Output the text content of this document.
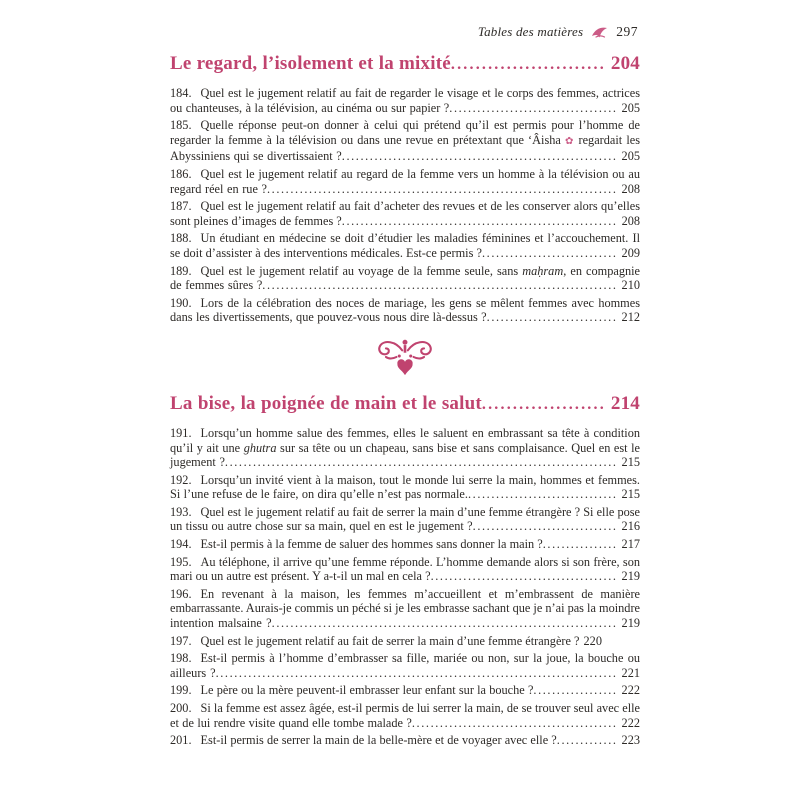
Tables des matières 297
Le regard, l’isolement et la mixité......................... 204

184. Quel est le jugement relatif au fait de regarder le visage et le corps des femmes, actrices ou chanteuses, à la télévision, au cinéma ou sur papier ?.................................... 205

185. Quelle réponse peut-on donner à celui qui prétend qu’il est permis pour l’homme de regarder la femme à la télévision ou dans une revue en prétextant que ‘Âisha ✿ regardait les Abyssiniens qui se divertissaient ?........................................................... 205

186. Quel est le jugement relatif au regard de la femme vers un homme à la télévision ou au regard réel en rue ?........................................................................... 208

187. Quel est le jugement relatif au fait d’acheter des revues et de les conserver alors qu’elles sont pleines d’images de femmes ?........................................................... 208

188. Un étudiant en médecine se doit d’étudier les maladies féminines et l’accouchement. Il se doit d’assister à des interventions médicales. Est-ce permis ?............................. 209

189. Quel est le jugement relatif au voyage de la femme seule, sans maḥram, en compagnie de femmes sûres ?............................................................................ 210

190. Lors de la célébration des noces de mariage, les gens se mêlent femmes avec hommes dans les divertissements, que pouvez-vous nous dire là-dessus ?............................ 212

La bise, la poignée de main et le salut.................... 214

191. Lorsqu’un homme salue des femmes, elles le saluent en embrassant sa tête à condition qu’il y ait une ghutra sur sa tête ou un chapeau, sans bise et sans complaisance. Quel en est le jugement ?.................................................................................... 215

192. Lorsqu’un invité vient à la maison, tout le monde lui serre la main, hommes et femmes. Si l’une refuse de le faire, on dira qu’elle n’est pas normale................................. 215

193. Quel est le jugement relatif au fait de serrer la main d’une femme étrangère ? Si elle pose un tissu ou autre chose sur sa main, quel en est le jugement ?............................... 216

194. Est-il permis à la femme de saluer des hommes sans donner la main ?................ 217

195. Au téléphone, il arrive qu’une femme réponde. L’homme demande alors si son frère, son mari ou un autre est présent. Y a-t-il un mal en cela ?........................................ 219

196. En revenant à la maison, les femmes m’accueillent et m’embrassent de manière embarrassante. Aurais-je commis un péché si je les embrasse sachant que je n’ai pas la moindre intention malsaine ?.......................................................................... 219

197. Quel est le jugement relatif au fait de serrer la main d’une femme étrangère ? 220

198. Est-il permis à l’homme d’embrasser sa fille, mariée ou non, sur la joue, la bouche ou ailleurs ?...................................................................................... 221

199. Le père ou la mère peuvent-il embrasser leur enfant sur la bouche ?.................. 222

200. Si la femme est assez âgée, est-il permis de lui serrer la main, de se trouver seul avec elle et de lui rendre visite quand elle tombe malade ?............................................ 222

201. Est-il permis de serrer la main de la belle-mère et de voyager avec elle ?............. 223
